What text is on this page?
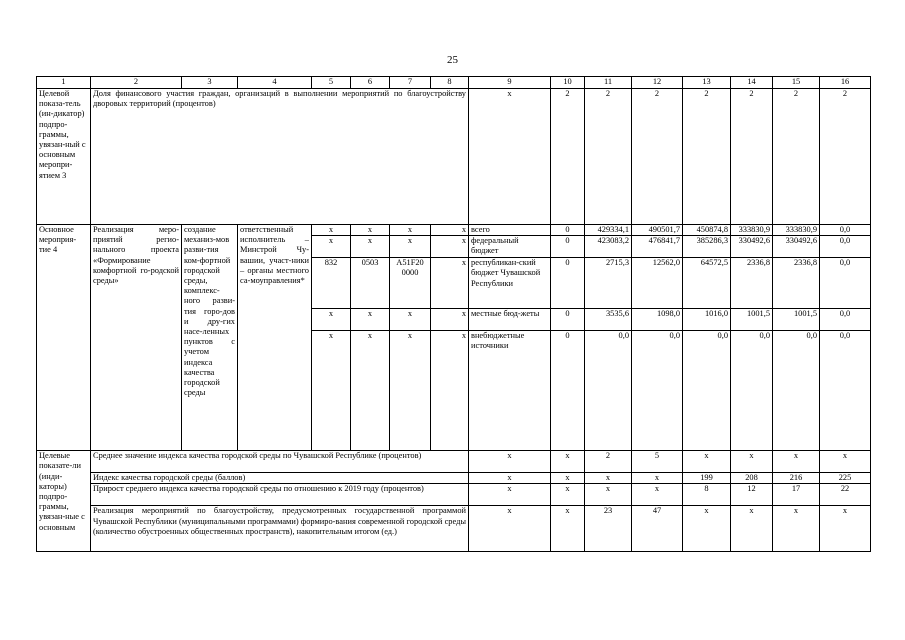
25
1	2	3	4	5	6	7	8	9	10	11	12	13	14	15	16
Целевой показа-тель (ин-дикатор) подпро-граммы, увязан-ный с основным меропри-ятием 3	Доля финансового участия граждан, организаций в выполнении мероприятий по благоустройству дворовых территорий (процентов)							x	2	2	2	2	2	2	2
Основное мероприя-тие 4	Реализация меро-приятий регио-нального проекта «Формирование комфортной го-родской среды»	создание механиз-мов разви-тия ком-фортной городской среды, комплекс-ного разви-тия горо-дов и дру-гих насе-ленных пунктов с учетом индекса качества городской среды	ответственный исполнитель – Минстрой Чу-вашии, участ-ники – органы местного са-моуправления*	x	x	x	x	всего	0	429334,1	490501,7	450874,8	333830,9	333830,9	0,0
				x	x	x	x	федеральный бюджет	0	423083,2	476841,7	385286,3	330492,6	330492,6	0,0
				832	0503	A51F20 0000	x	республикан-ский бюджет Чувашской Республики	0	2715,3	12562,0	64572,5	2336,8	2336,8	0,0
				x	x	x	x	местные бюд-жеты	0	3535,6	1098,0	1016,0	1001,5	1001,5	0,0
				x	x	x	x	внебюджетные источники	0	0,0	0,0	0,0	0,0	0,0	0,0
Целевые показате-ли (инди-каторы) подпро-граммы, увязан-ные с основным	Среднее значение индекса качества городской среды по Чувашской Республике (процентов)							x	x	2	5	x	x	x	x
	Индекс качества городской среды (баллов)							x	x	x	x	199	208	216	225
	Прирост среднего индекса качества городской среды по отношению к 2019 году (процентов)							x	x	x	x	8	12	17	22
	Реализация мероприятий по благоустройству, предусмотренных государственной программой Чувашской Республики (муниципальными программами) формиро-вания современной городской среды (количество обустроенных общественных пространств), накопительным итогом (ед.)							x	x	23	47	x	x	x	x
